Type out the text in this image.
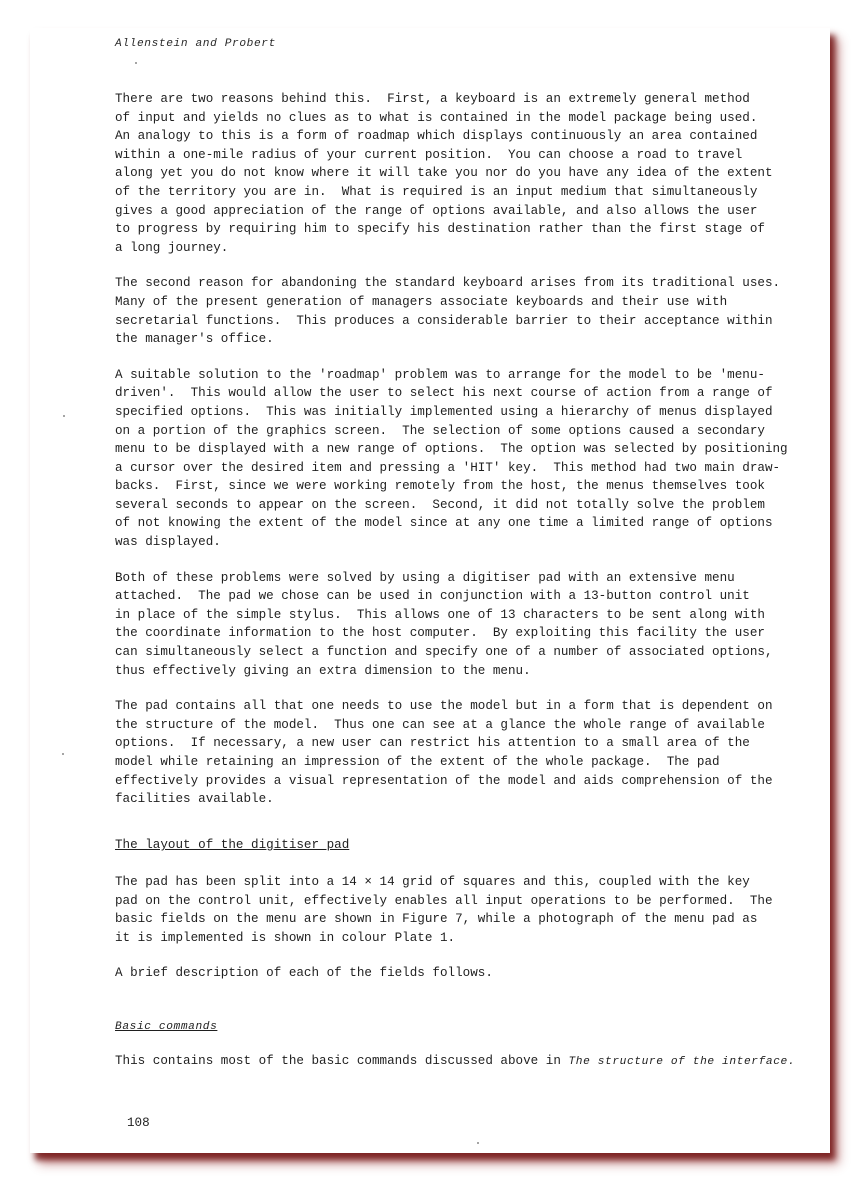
Allenstein and Probert
There are two reasons behind this.  First, a keyboard is an extremely general method
of input and yields no clues as to what is contained in the model package being used.
An analogy to this is a form of roadmap which displays continuously an area contained
within a one-mile radius of your current position.  You can choose a road to travel
along yet you do not know where it will take you nor do you have any idea of the extent
of the territory you are in.  What is required is an input medium that simultaneously
gives a good appreciation of the range of options available, and also allows the user
to progress by requiring him to specify his destination rather than the first stage of
a long journey.
The second reason for abandoning the standard keyboard arises from its traditional uses.
Many of the present generation of managers associate keyboards and their use with
secretarial functions.  This produces a considerable barrier to their acceptance within
the manager's office.
A suitable solution to the 'roadmap' problem was to arrange for the model to be 'menu-
driven'.  This would allow the user to select his next course of action from a range of
specified options.  This was initially implemented using a hierarchy of menus displayed
on a portion of the graphics screen.  The selection of some options caused a secondary
menu to be displayed with a new range of options.  The option was selected by positioning
a cursor over the desired item and pressing a 'HIT' key.  This method had two main draw-
backs.  First, since we were working remotely from the host, the menus themselves took
several seconds to appear on the screen.  Second, it did not totally solve the problem
of not knowing the extent of the model since at any one time a limited range of options
was displayed.
Both of these problems were solved by using a digitiser pad with an extensive menu
attached.  The pad we chose can be used in conjunction with a 13-button control unit
in place of the simple stylus.  This allows one of 13 characters to be sent along with
the coordinate information to the host computer.  By exploiting this facility the user
can simultaneously select a function and specify one of a number of associated options,
thus effectively giving an extra dimension to the menu.
The pad contains all that one needs to use the model but in a form that is dependent on
the structure of the model.  Thus one can see at a glance the whole range of available
options.  If necessary, a new user can restrict his attention to a small area of the
model while retaining an impression of the extent of the whole package.  The pad
effectively provides a visual representation of the model and aids comprehension of the
facilities available.
The layout of the digitiser pad
The pad has been split into a 14 × 14 grid of squares and this, coupled with the key
pad on the control unit, effectively enables all input operations to be performed.  The
basic fields on the menu are shown in Figure 7, while a photograph of the menu pad as
it is implemented is shown in colour Plate 1.
A brief description of each of the fields follows.
Basic commands
This contains most of the basic commands discussed above in The structure of the interface.
108
